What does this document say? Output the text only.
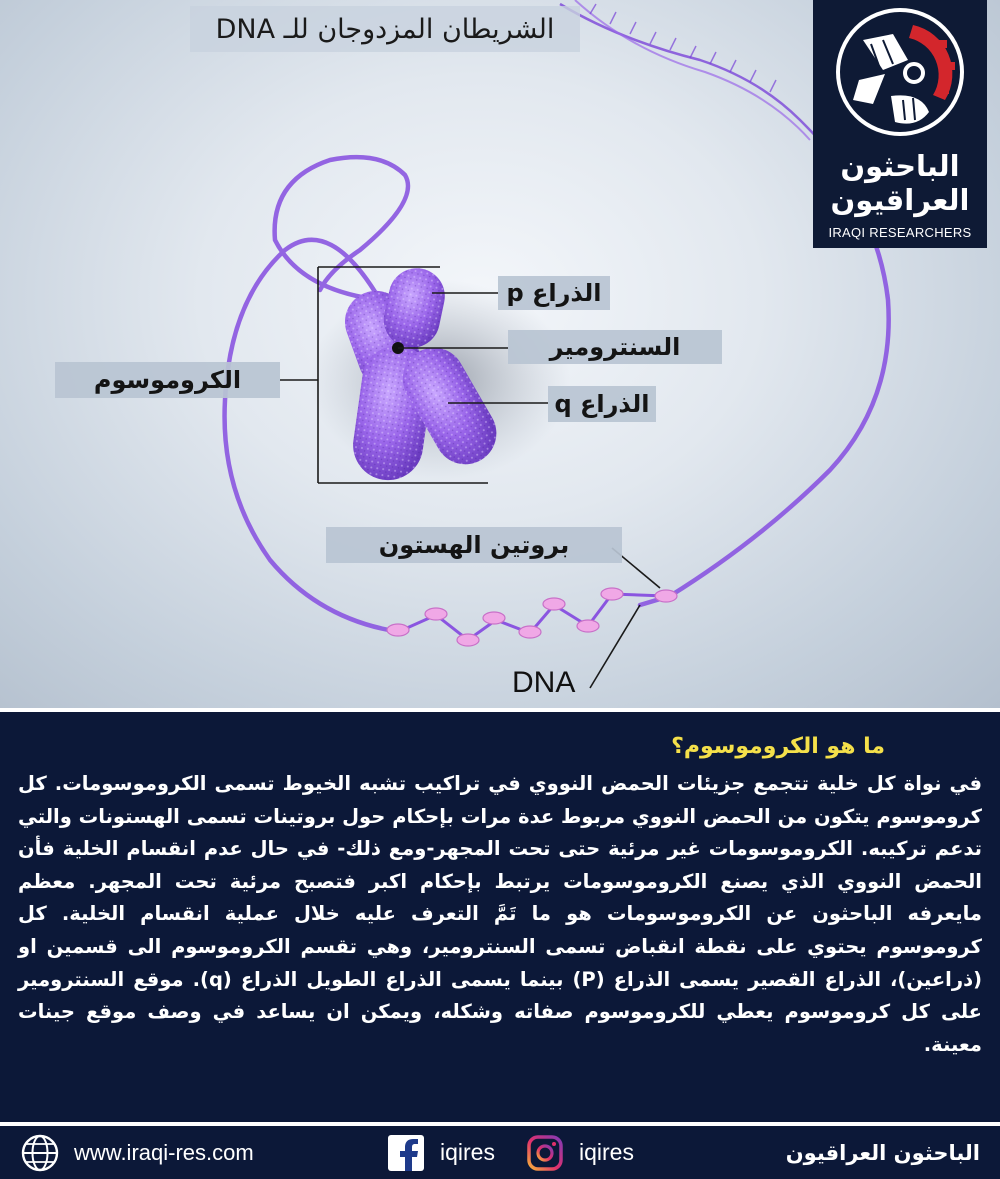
الشريطان المزدوجان للـ DNA
الذراع p
السنترومير
الذراع q
الكروموسوم
بروتين الهستون
DNA
الباحثون
العراقيون
IRAQI RESEARCHERS
ما هو الكروموسوم؟
في نواة كل خلية تتجمع جزيئات الحمض النووي في تراكيب تشبه الخيوط تسمى الكروموسومات. كل كروموسوم يتكون من الحمض النووي مربوط عدة مرات بإحكام حول بروتينات تسمى الهستونات والتي تدعم تركيبه. الكروموسومات غير مرئية حتى تحت المجهر-ومع ذلك- في حال عدم انقسام الخلية فأن الحمض النووي الذي يصنع الكروموسومات يرتبط بإحكام اكبر فتصبح مرئية تحت المجهر. معظم مايعرفه الباحثون عن الكروموسومات هو ما تَمَّ التعرف عليه خلال عملية انقسام الخلية. كل كروموسوم يحتوي على نقطة انقباض تسمى السنترومير، وهي تقسم الكروموسوم الى قسمين او (ذراعين)، الذراع القصير يسمى الذراع (P) بينما يسمى الذراع الطويل الذراع (q). موقع السنترومير على كل كروموسوم يعطي للكروموسوم صفاته وشكله، ويمكن ان يساعد في وصف موقع جينات معينة.
www.iraqi-res.com	iqires	iqires	الباحثون العراقيون
